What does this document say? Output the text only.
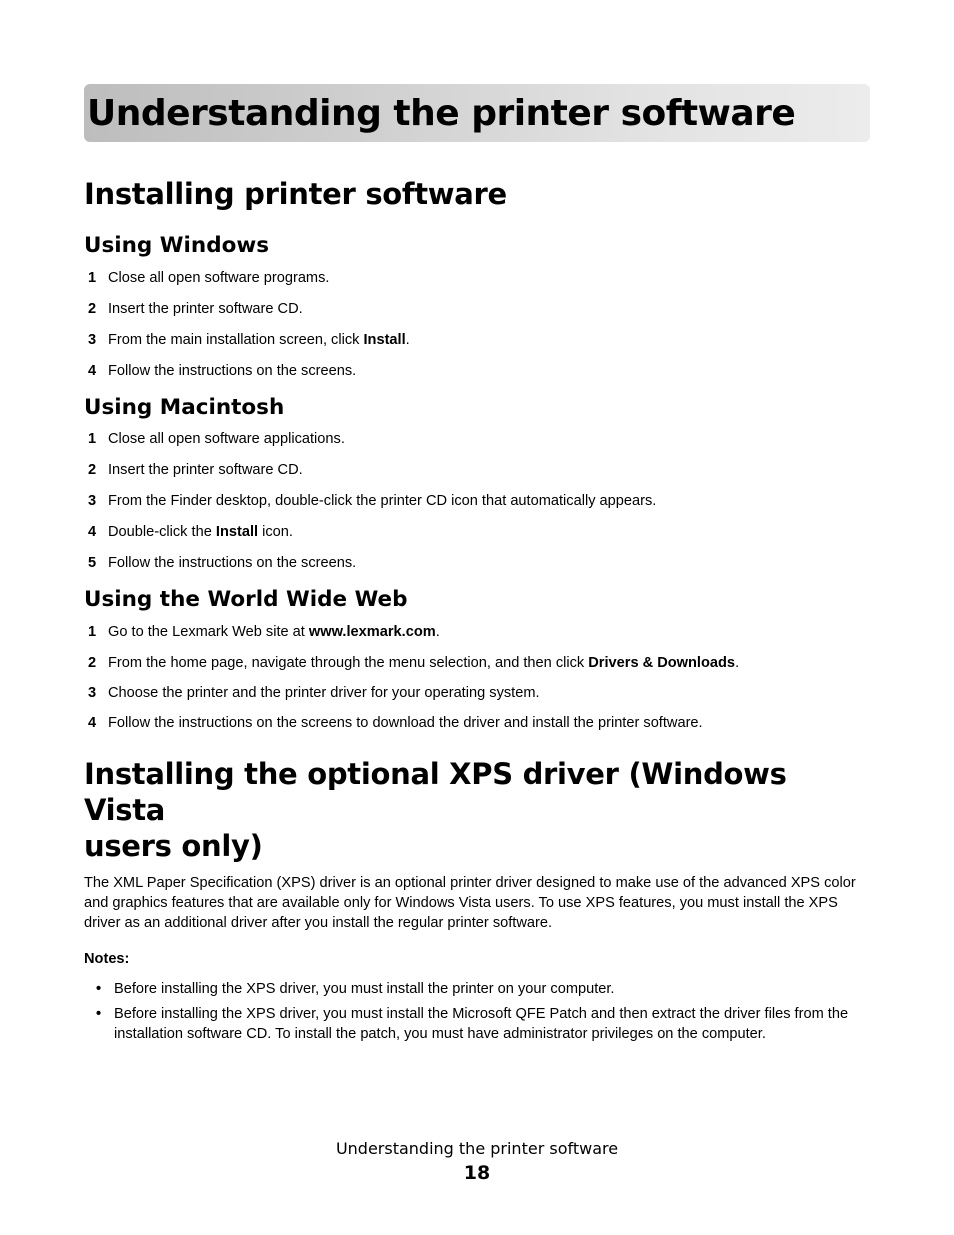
Understanding the printer software
Installing printer software
Using Windows
1 Close all open software programs.
2 Insert the printer software CD.
3 From the main installation screen, click Install.
4 Follow the instructions on the screens.
Using Macintosh
1 Close all open software applications.
2 Insert the printer software CD.
3 From the Finder desktop, double-click the printer CD icon that automatically appears.
4 Double-click the Install icon.
5 Follow the instructions on the screens.
Using the World Wide Web
1 Go to the Lexmark Web site at www.lexmark.com.
2 From the home page, navigate through the menu selection, and then click Drivers & Downloads.
3 Choose the printer and the printer driver for your operating system.
4 Follow the instructions on the screens to download the driver and install the printer software.
Installing the optional XPS driver (Windows Vista
users only)

The XML Paper Specification (XPS) driver is an optional printer driver designed to make use of the advanced XPS color and graphics features that are available only for Windows Vista users. To use XPS features, you must install the XPS driver as an additional driver after you install the regular printer software.

Notes:

• Before installing the XPS driver, you must install the printer on your computer.
• Before installing the XPS driver, you must install the Microsoft QFE Patch and then extract the driver files from the installation software CD. To install the patch, you must have administrator privileges on the computer.
Understanding the printer software
18
